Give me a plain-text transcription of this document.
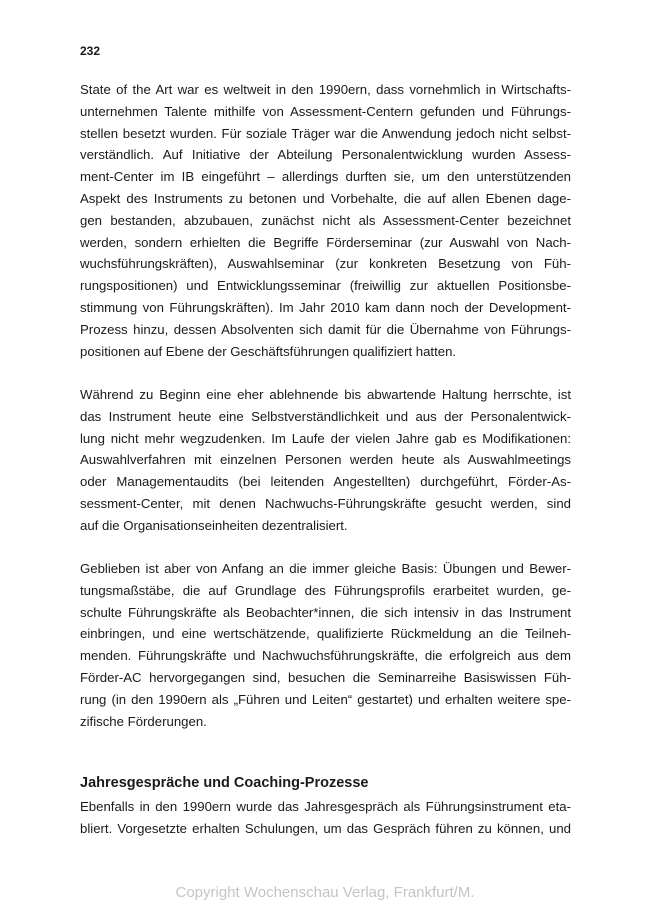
232
State of the Art war es weltweit in den 1990ern, dass vornehmlich in Wirtschafts-
unternehmen Talente mithilfe von Assessment-Centern gefunden und Führungs-
stellen besetzt wurden. Für soziale Träger war die Anwendung jedoch nicht selbst-
verständlich. Auf Initiative der Abteilung Personalentwicklung wurden Assess-
ment-Center im IB eingeführt – allerdings durften sie, um den unterstützenden
Aspekt des Instruments zu betonen und Vorbehalte, die auf allen Ebenen dage-
gen bestanden, abzubauen, zunächst nicht als Assessment-Center bezeichnet
werden, sondern erhielten die Begriffe Förderseminar (zur Auswahl von Nach-
wuchsführungskräften), Auswahlseminar (zur konkreten Besetzung von Füh-
rungspositionen) und Entwicklungsseminar (freiwillig zur aktuellen Positionsbe-
stimmung von Führungskräften). Im Jahr 2010 kam dann noch der Development-
Prozess hinzu, dessen Absolventen sich damit für die Übernahme von Führungs-
positionen auf Ebene der Geschäftsführungen qualifiziert hatten.
Während zu Beginn eine eher ablehnende bis abwartende Haltung herrschte, ist
das Instrument heute eine Selbstverständlichkeit und aus der Personalentwick-
lung nicht mehr wegzudenken. Im Laufe der vielen Jahre gab es Modifikationen:
Auswahlverfahren mit einzelnen Personen werden heute als Auswahlmeetings
oder Managementaudits (bei leitenden Angestellten) durchgeführt, Förder-As-
sessment-Center, mit denen Nachwuchs-Führungskräfte gesucht werden, sind
auf die Organisationseinheiten dezentralisiert.
Geblieben ist aber von Anfang an die immer gleiche Basis: Übungen und Bewer-
tungsmaßstäbe, die auf Grundlage des Führungsprofils erarbeitet wurden, ge-
schulte Führungskräfte als Beobachter*innen, die sich intensiv in das Instrument
einbringen, und eine wertschätzende, qualifizierte Rückmeldung an die Teilneh-
menden. Führungskräfte und Nachwuchsführungskräfte, die erfolgreich aus dem
Förder-AC hervorgegangen sind, besuchen die Seminarreihe Basiswissen Füh-
rung (in den 1990ern als „Führen und Leiten“ gestartet) und erhalten weitere spe-
zifische Förderungen.
Jahresgespräche und Coaching-Prozesse
Ebenfalls in den 1990ern wurde das Jahresgespräch als Führungsinstrument eta-
bliert. Vorgesetzte erhalten Schulungen, um das Gespräch führen zu können, und
Copyright Wochenschau Verlag, Frankfurt/M.
